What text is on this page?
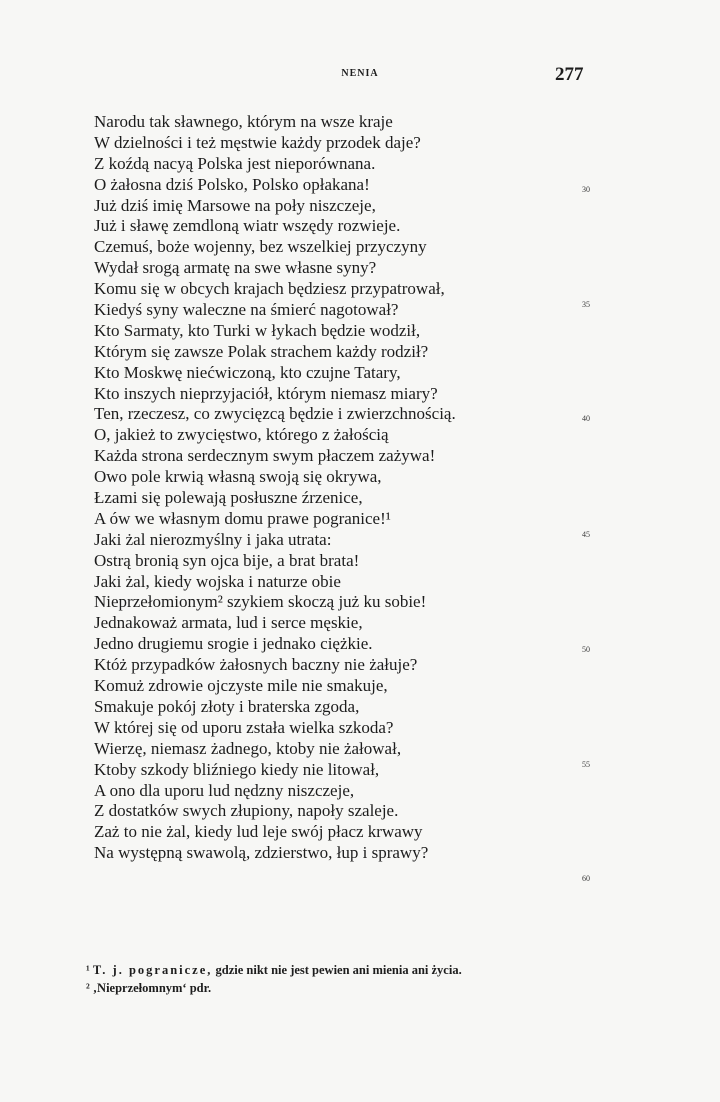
NENIA	277
Narodu tak sławnego, którym na wsze kraje
W dzielności i też męstwie każdy przodek daje?
Z koźdą nacyą Polska jest nieporównana.
O żałosna dziś Polsko, Polsko opłakana!
Już dziś imię Marsowe na poły niszczeje,
Już i sławę zemdloną wiatr wszędy rozwieje.
Czemuś, boże wojenny, bez wszelkiej przyczyny
Wydał srogą armatę na swe własne syny?
Komu się w obcych krajach będziesz przypatrował,
Kiedyś syny waleczne na śmierć nagotował?
Kto Sarmaty, kto Turki w łykach będzie wodził,
Którym się zawsze Polak strachem każdy rodził?
Kto Moskwę niećwiczoną, kto czujne Tatary,
Kto inszych nieprzyjaciół, którym niemasz miary?
Ten, rzeczesz, co zwycięzcą będzie i zwierzchnością.
O, jakież to zwycięstwo, którego z żałością
Każda strona serdecznym swym płaczem zażywa!
Owo pole krwią własną swoją się okrywa,
Łzami się polewają posłuszne źrzenice,
A ów we własnym domu prawe pogranice!¹
Jaki żal nierozmyślny i jaka utrata:
Ostrą bronią syn ojca bije, a brat brata!
Jaki żal, kiedy wojska i naturze obie
Nieprzełomionym² szykiem skoczą już ku sobie!
Jednakoważ armata, lud i serce męskie,
Jedno drugiemu srogie i jednako ciężkie.
Któż przypadków żałosnych baczny nie żałuje?
Komuż zdrowie ojczyste mile nie smakuje,
Smakuje pokój złoty i braterska zgoda,
W której się od uporu zstała wielka szkoda?
Wierzę, niemasz żadnego, ktoby nie żałował,
Ktoby szkody bliźniego kiedy nie litował,
A ono dla uporu lud nędzny niszczeje,
Z dostatków swych złupiony, napoły szaleje.
Zaż to nie żal, kiedy lud leje swój płacz krwawy
Na występną swawolą, zdzierstwo, łup i sprawy?
30
35
40
45
50
55
60
¹ T. j. pogranicze, gdzie nikt nie jest pewien ani mienia ani życia.
² ‚Nieprzełomnym‘ pdr.
